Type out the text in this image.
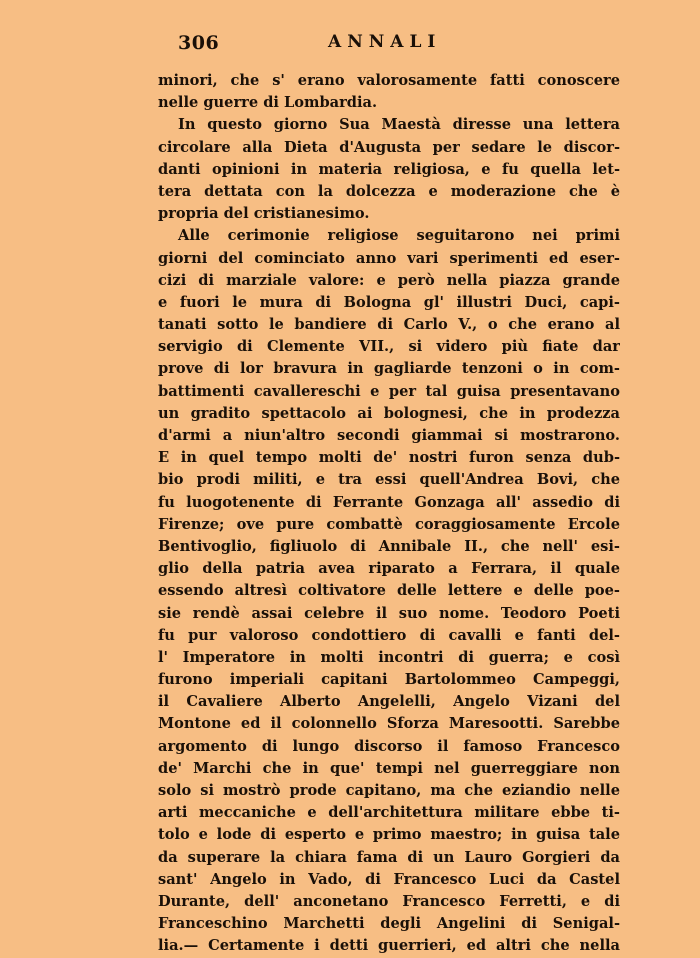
306	ANNALI
minori, che s' erano valorosamente fatti conoscere
nelle guerre di Lombardia.
In questo giorno Sua Maestà diresse una lettera
circolare alla Dieta d'Augusta per sedare le discor-
danti opinioni in materia religiosa, e fu quella let-
tera dettata con la dolcezza e moderazione che è
propria del cristianesimo.
Alle cerimonie religiose seguitarono nei primi
giorni del cominciato anno vari sperimenti ed eser-
cizi di marziale valore: e però nella piazza grande
e fuori le mura di Bologna gl' illustri Duci, capi-
tanati sotto le bandiere di Carlo V., o che erano al
servigio di Clemente VII., si videro più fiate dar
prove di lor bravura in gagliarde tenzoni o in com-
battimenti cavallereschi e per tal guisa presentavano
un gradito spettacolo ai bolognesi, che in prodezza
d'armi a niun'altro secondi giammai si mostrarono.
E in quel tempo molti de' nostri furon senza dub-
bio prodi militi, e tra essi quell'Andrea Bovi, che
fu luogotenente di Ferrante Gonzaga all' assedio di
Firenze; ove pure combattè coraggiosamente Ercole
Bentivoglio, figliuolo di Annibale II., che nell' esi-
glio della patria avea riparato a Ferrara, il quale
essendo altresì coltivatore delle lettere e delle poe-
sie rendè assai celebre il suo nome. Teodoro Poeti
fu pur valoroso condottiero di cavalli e fanti del-
l' Imperatore in molti incontri di guerra; e così
furono imperiali capitani Bartolommeo Campeggi,
il Cavaliere Alberto Angelelli, Angelo Vizani del
Montone ed il colonnello Sforza Maresootti. Sarebbe
argomento di lungo discorso il famoso Francesco
de' Marchi che in que' tempi nel guerreggiare non
solo si mostrò prode capitano, ma che eziandio nelle
arti meccaniche e dell'architettura militare ebbe ti-
tolo e lode di esperto e primo maestro; in guisa tale
da superare la chiara fama di un Lauro Gorgieri da
sant' Angelo in Vado, di Francesco Luci da Castel
Durante, dell' anconetano Francesco Ferretti, e di
Franceschino Marchetti degli Angelini di Senigal-
lia.— Certamente i detti guerrieri, ed altri che nella
